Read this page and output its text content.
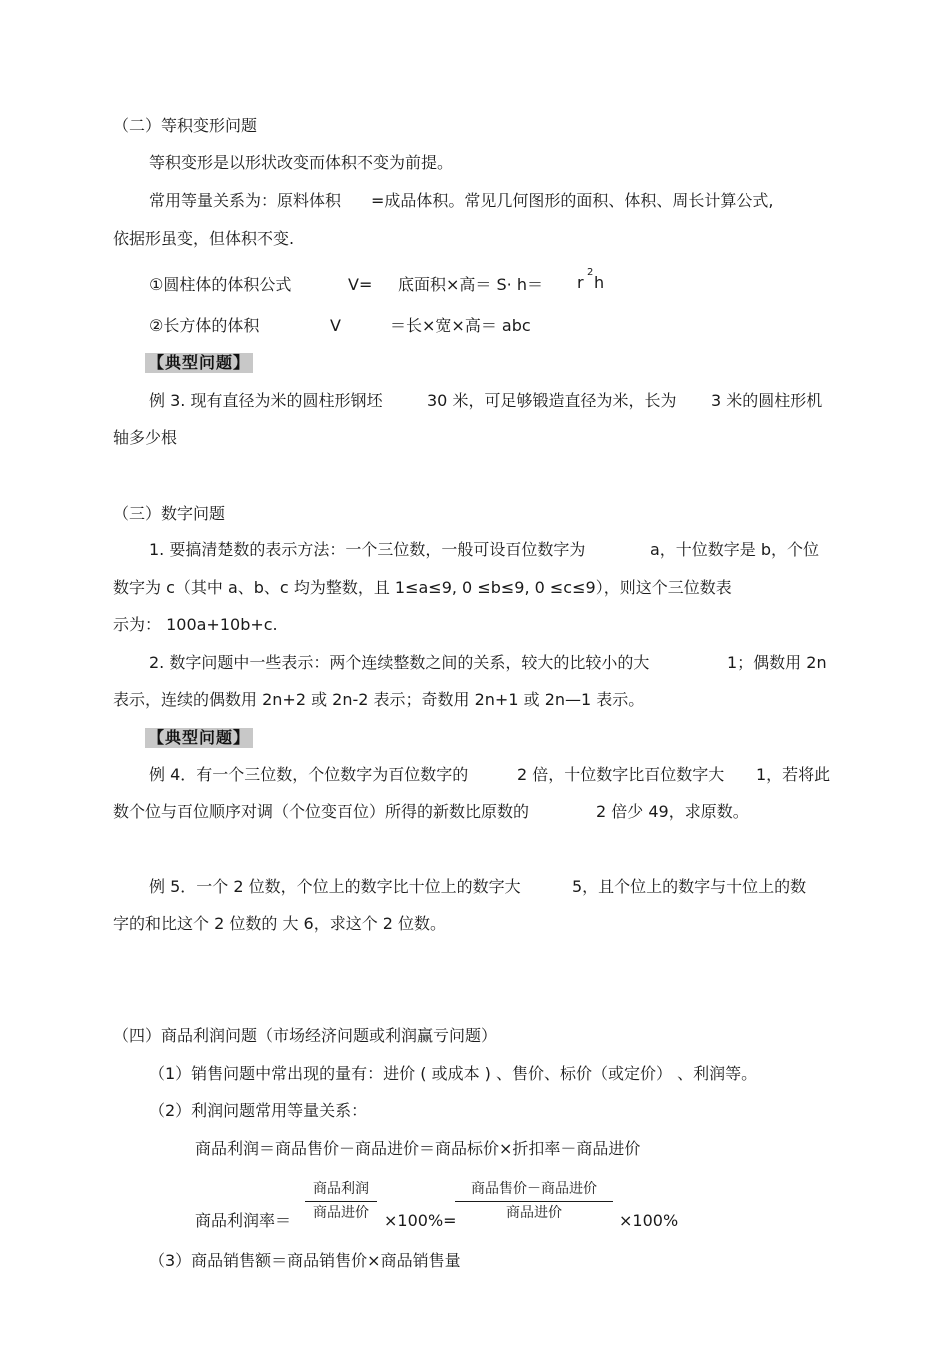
（二）等积变形问题
等积变形是以形状改变而体积不变为前提。
常用等量关系为：原料体积 =成品体积。常见几何图形的面积、体积、周长计算公式,
依据形虽变，但体积不变.
①圆柱体的体积公式	V= 底面积×高＝ S· h＝ r
2
h
②长方体的体积	V	＝长×宽×高＝ abc
【典型问题】
例 3. 现有直径为米的圆柱形钢坯	30 米，可足够锻造直径为米，长为 3 米的圆柱形机
轴多少根
（三）数字问题
1. 要搞清楚数的表示方法：一个三位数，一般可设百位数字为	a，十位数字是 b，个位
数字为 c（其中 a、b、c 均为整数，且 1≤a≤9, 0 ≤b≤9, 0 ≤c≤9），则这个三位数表
示为： 100a+10b+c.
2. 数字问题中一些表示：两个连续整数之间的关系，较大的比较小的大	1；偶数用 2n
表示，连续的偶数用 2n+2 或 2n-2 表示；奇数用 2n+1 或 2n—1 表示。
【典型问题】
例 4．有一个三位数，个位数字为百位数字的	2 倍，十位数字比百位数字大 1，若将此
数个位与百位顺序对调（个位变百位）所得的新数比原数的	2 倍少 49，求原数。
例 5．一个 2 位数，个位上的数字比十位上的数字大	5，且个位上的数字与十位上的数
字的和比这个 2 位数的 大 6，求这个 2 位数。
（四）商品利润问题（市场经济问题或利润赢亏问题）
（1）销售问题中常出现的量有：进价 ( 或成本 ) 、售价、标价（或定价） 、利润等。
（2）利润问题常用等量关系：
商品利润＝商品售价－商品进价＝商品标价×折扣率－商品进价
商品利润率＝
商品利润
商品进价 ×100%=
商品售价－商品进价
商品进价	×100%
（3）商品销售额＝商品销售价×商品销售量
